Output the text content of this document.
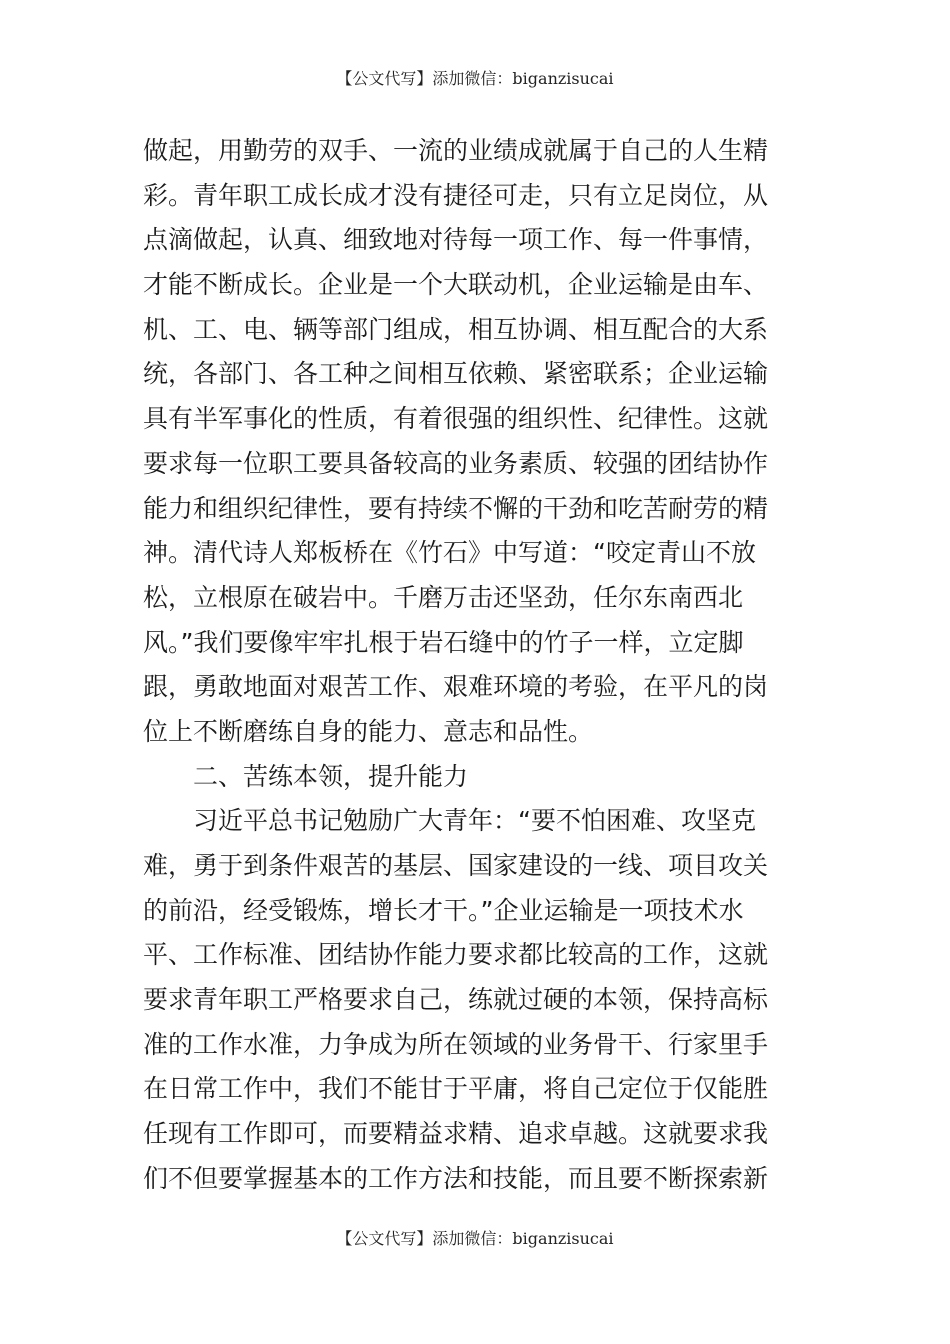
【公文代写】添加微信：biganzisucai
做起，用勤劳的双手、一流的业绩成就属于自己的人生精
彩。青年职工成长成才没有捷径可走，只有立足岗位，从
点滴做起，认真、细致地对待每一项工作、每一件事情，
才能不断成长。企业是一个大联动机，企业运输是由车、
机、工、电、辆等部门组成，相互协调、相互配合的大系
统，各部门、各工种之间相互依赖、紧密联系；企业运输
具有半军事化的性质，有着很强的组织性、纪律性。这就
要求每一位职工要具备较高的业务素质、较强的团结协作
能力和组织纪律性，要有持续不懈的干劲和吃苦耐劳的精
神。清代诗人郑板桥在《竹石》中写道：“咬定青山不放
松，立根原在破岩中。千磨万击还坚劲，任尔东南西北
风。”我们要像牢牢扎根于岩石缝中的竹子一样，立定脚
跟，勇敢地面对艰苦工作、艰难环境的考验，在平凡的岗
位上不断磨练自身的能力、意志和品性。
二、苦练本领，提升能力
习近平总书记勉励广大青年：“要不怕困难、攻坚克
难，勇于到条件艰苦的基层、国家建设的一线、项目攻关
的前沿，经受锻炼，增长才干。”企业运输是一项技术水
平、工作标准、团结协作能力要求都比较高的工作，这就
要求青年职工严格要求自己，练就过硬的本领，保持高标
准的工作水准，力争成为所在领域的业务骨干、行家里手
在日常工作中，我们不能甘于平庸，将自己定位于仅能胜
任现有工作即可，而要精益求精、追求卓越。这就要求我
们不但要掌握基本的工作方法和技能，而且要不断探索新
【公文代写】添加微信：biganzisucai
